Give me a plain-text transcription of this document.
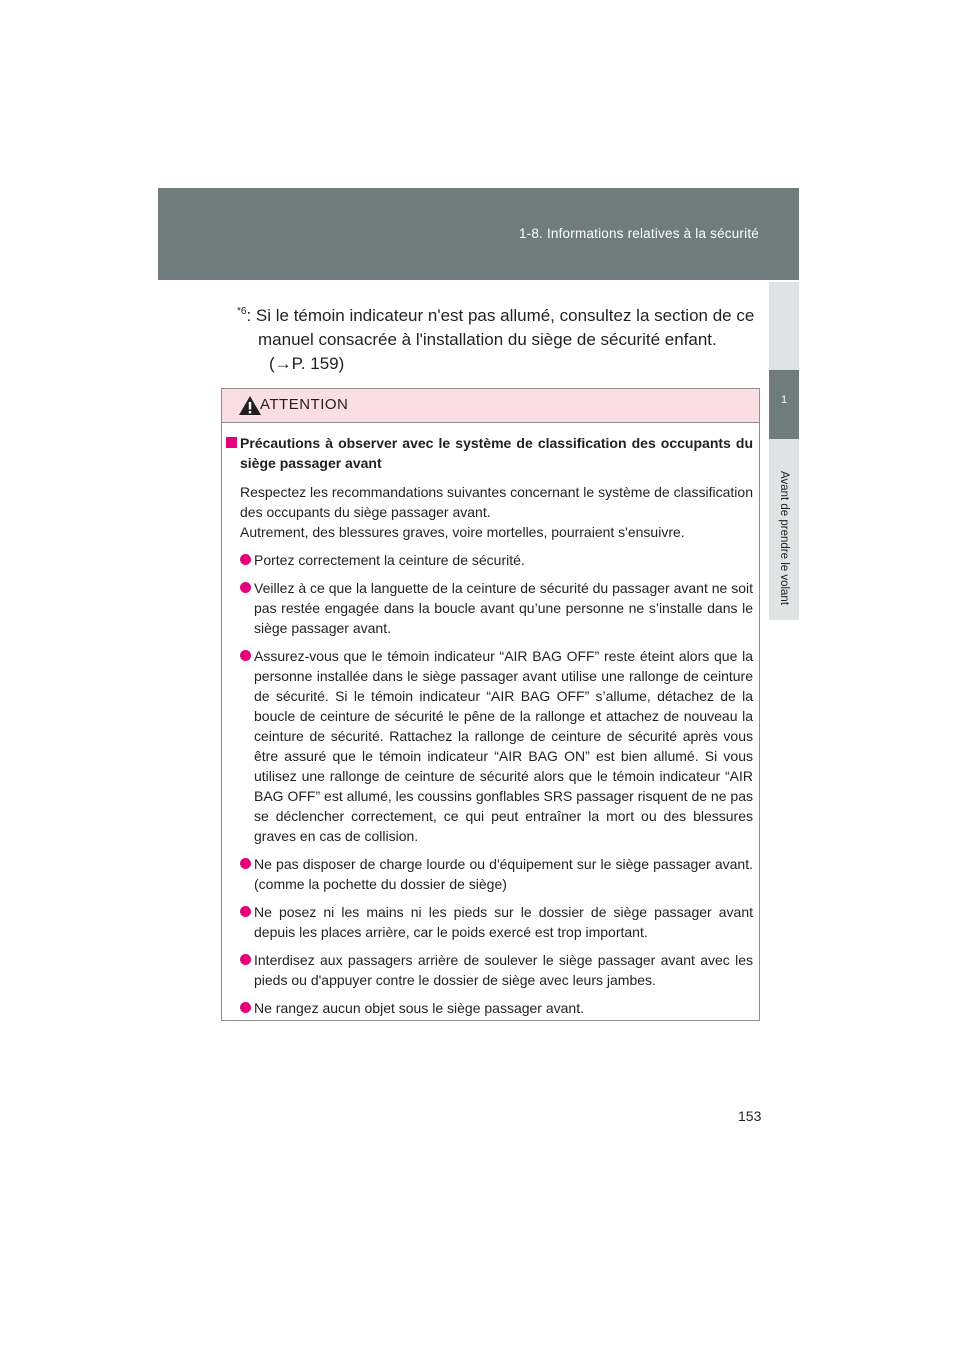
1-8. Informations relatives à la sécurité
1
Avant de prendre le volant
$^{*6}$: Si le témoin indicateur n'est pas allumé, consultez la section de ce
manuel consacrée à l'installation du siège de sécurité enfant.
(→P. 159)
ATTENTION
Précautions à observer avec le système de classification des occupants du siège passager avant
Respectez les recommandations suivantes concernant le système de classification des occupants du siège passager avant.
Autrement, des blessures graves, voire mortelles, pourraient s'ensuivre.
Portez correctement la ceinture de sécurité.
Veillez à ce que la languette de la ceinture de sécurité du passager avant ne soit pas restée engagée dans la boucle avant qu’une personne ne s’installe dans le siège passager avant.
Assurez-vous que le témoin indicateur “AIR BAG OFF” reste éteint alors que la personne installée dans le siège passager avant utilise une rallonge de ceinture de sécurité. Si le témoin indicateur “AIR BAG OFF” s’allume, détachez de la boucle de ceinture de sécurité le pêne de la rallonge et attachez de nouveau la ceinture de sécurité. Rattachez la rallonge de ceinture de sécurité après vous être assuré que le témoin indicateur “AIR BAG ON” est bien allumé. Si vous utilisez une rallonge de ceinture de sécurité alors que le témoin indicateur “AIR BAG OFF” est allumé, les coussins gonflables SRS passager risquent de ne pas se déclencher correctement, ce qui peut entraîner la mort ou des blessures graves en cas de collision.
Ne pas disposer de charge lourde ou d'équipement sur le siège passager avant. (comme la pochette du dossier de siège)
Ne posez ni les mains ni les pieds sur le dossier de siège passager avant depuis les places arrière, car le poids exercé est trop important.
Interdisez aux passagers arrière de soulever le siège passager avant avec les pieds ou d'appuyer contre le dossier de siège avec leurs jambes.
Ne rangez aucun objet sous le siège passager avant.
153
